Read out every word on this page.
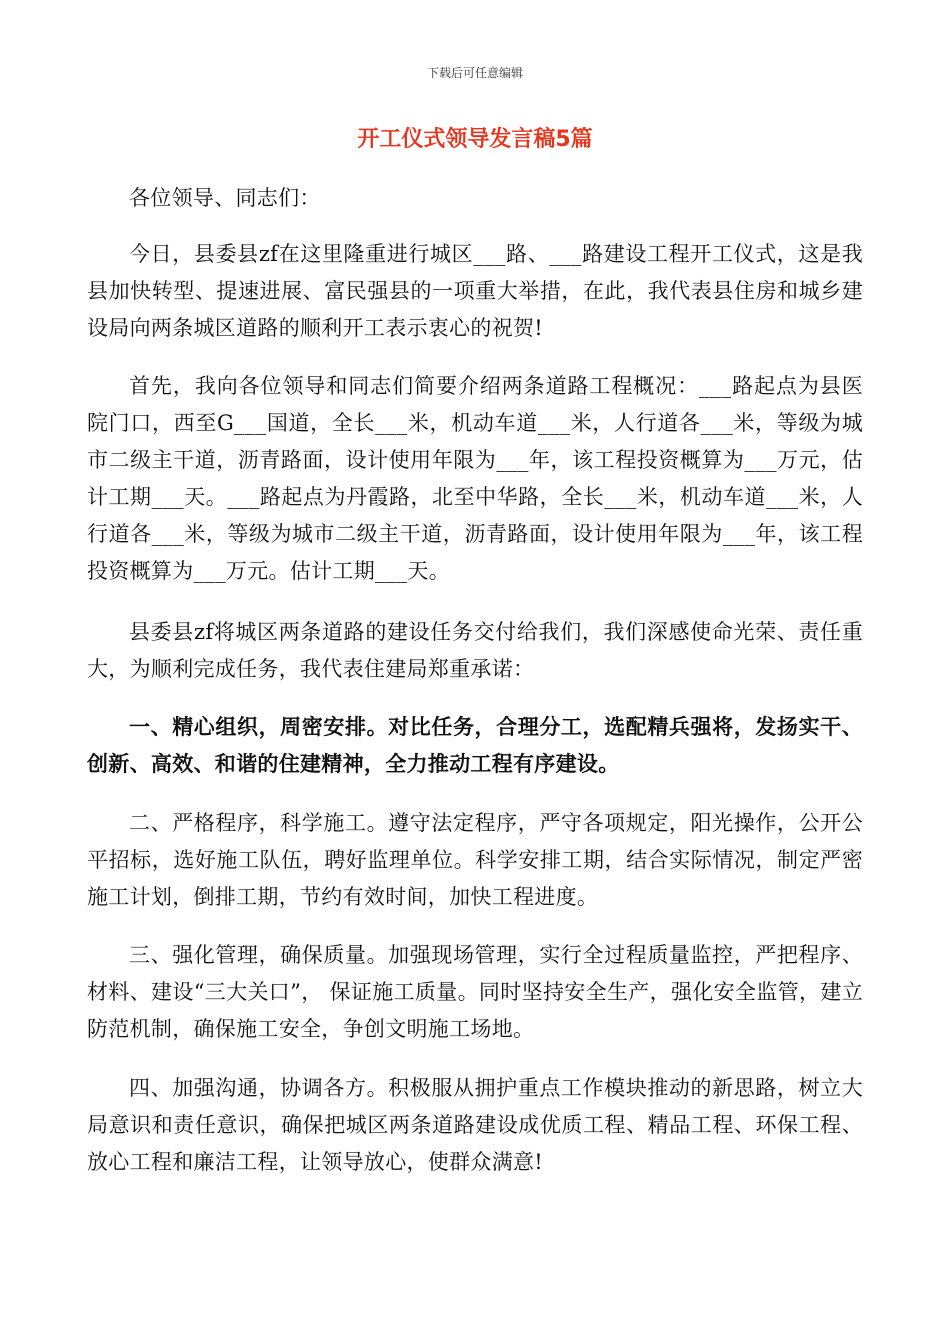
下载后可任意编辑
开工仪式领导发言稿5篇

各位领导、同志们：

今日，县委县zf在这里隆重进行城区___路、___路建设工程开工仪式，这是我县加快转型、提速进展、富民强县的一项重大举措，在此，我代表县住房和城乡建设局向两条城区道路的顺利开工表示衷心的祝贺!

首先，我向各位领导和同志们简要介绍两条道路工程概况：___路起点为县医院门口，西至G___国道，全长___米，机动车道___米，人行道各___米，等级为城市二级主干道，沥青路面，设计使用年限为___年，该工程投资概算为___万元，估计工期___天。___路起点为丹霞路，北至中华路，全长___米，机动车道___米，人行道各___米，等级为城市二级主干道，沥青路面，设计使用年限为___年，该工程投资概算为___万元。估计工期___天。

县委县zf将城区两条道路的建设任务交付给我们，我们深感使命光荣、责任重大，为顺利完成任务，我代表住建局郑重承诺：

一、精心组织，周密安排。对比任务，合理分工，选配精兵强将，发扬实干、创新、高效、和谐的住建精神，全力推动工程有序建设。

二、严格程序，科学施工。遵守法定程序，严守各项规定，阳光操作，公开公平招标，选好施工队伍，聘好监理单位。科学安排工期，结合实际情况，制定严密施工计划，倒排工期，节约有效时间，加快工程进度。

三、强化管理，确保质量。加强现场管理，实行全过程质量监控，严把程序、材料、建设“三大关口”， 保证施工质量。同时坚持安全生产，强化安全监管，建立防范机制，确保施工安全，争创文明施工场地。

四、加强沟通，协调各方。积极服从拥护重点工作模块推动的新思路，树立大局意识和责任意识，确保把城区两条道路建设成优质工程、精品工程、环保工程、放心工程和廉洁工程，让领导放心，使群众满意!
